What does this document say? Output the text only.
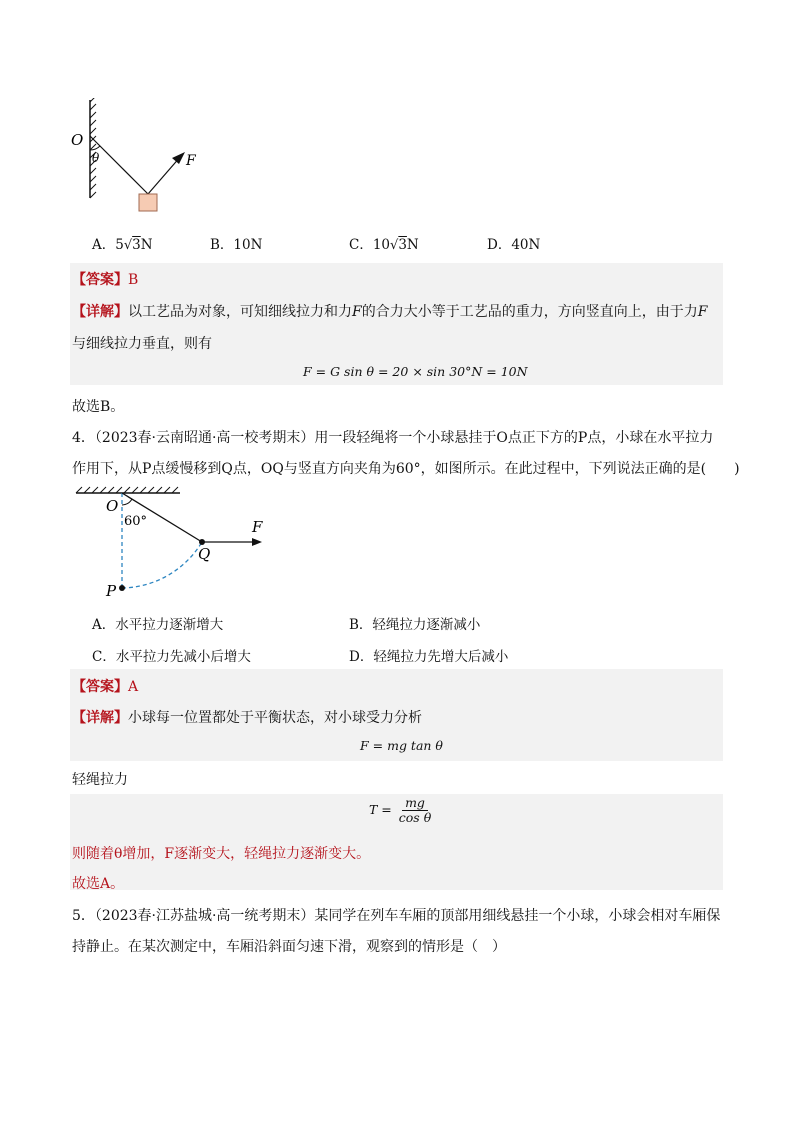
O
θ	F
A．5√3N	B．10N	C．10√3N	D．40N
【答案】B
【详解】以工艺品为对象，可知细线拉力和力F的合力大小等于工艺品的重力，方向竖直向上，由于力F
与细线拉力垂直，则有
F = G sin θ = 20 × sin 30°N = 10N
故选B。
4．（2023春·云南昭通·高一校考期末）用一段轻绳将一个小球悬挂于O点正下方的P点，小球在水平拉力
作用下，从P点缓慢移到Q点，OQ与竖直方向夹角为60°，如图所示。在此过程中，下列说法正确的是(　　)
O
60°	F
Q
P
A．水平拉力逐渐增大	B．轻绳拉力逐渐减小
C．水平拉力先减小后增大	D．轻绳拉力先增大后减小
【答案】A
【详解】小球每一位置都处于平衡状态，对小球受力分析
F = mg tan θ
轻绳拉力
$T = \frac{mg}{\text{cos θ}}$
则随着θ增加，F逐渐变大，轻绳拉力逐渐变大。
故选A。
5．（2023春·江苏盐城·高一统考期末）某同学在列车车厢的顶部用细线悬挂一个小球，小球会相对车厢保
持静止。在某次测定中，车厢沿斜面匀速下滑，观察到的情形是（　）
